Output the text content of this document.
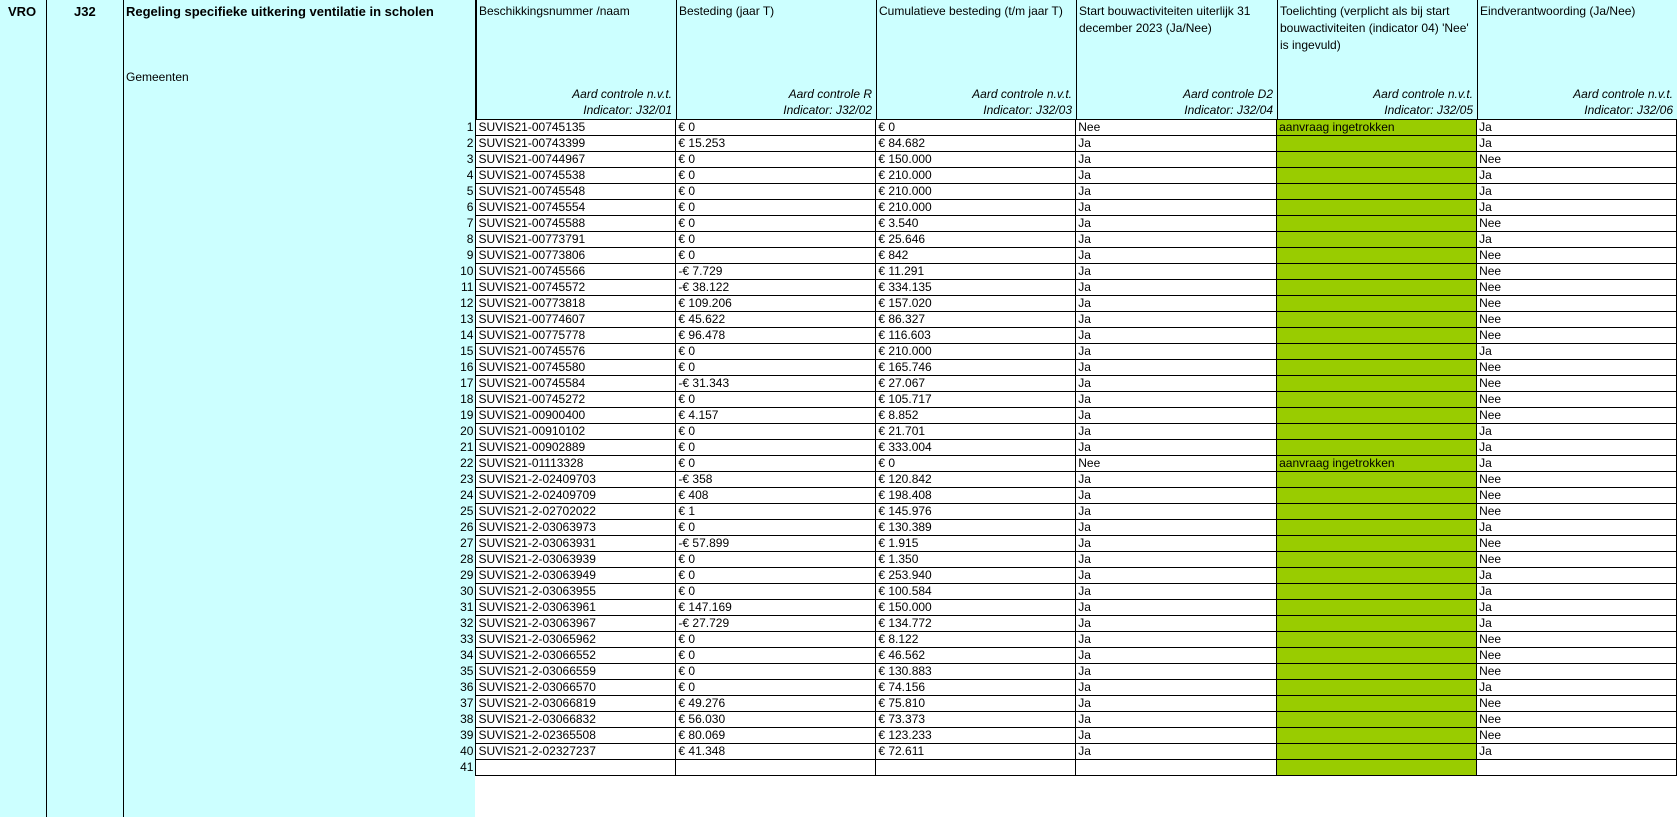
VRO	J32 Regeling specifieke uitkering ventilatie in scholen
Gemeenten
Beschikkingsnummer /naam
Aard controle n.v.t.
Indicator: J32/01
Besteding (jaar T)
Aard controle R
Indicator: J32/02
Cumulatieve besteding (t/m jaar T)
Aard controle n.v.t.
Indicator: J32/03
Start bouwactiviteiten uiterlijk 31 december 2023 (Ja/Nee)
Aard controle D2
Indicator: J32/04
Toelichting (verplicht als bij start bouwactiviteiten (indicator 04) 'Nee' is ingevuld)
Aard controle n.v.t.
Indicator: J32/05
Eindverantwoording (Ja/Nee)
Aard controle n.v.t.
Indicator: J32/06
1	SUVIS21-00745135	€ 0	€ 0	Nee	aanvraag ingetrokken	Ja
2	SUVIS21-00743399	€ 15.253	€ 84.682	Ja		Ja
3	SUVIS21-00744967	€ 0	€ 150.000	Ja		Nee
4	SUVIS21-00745538	€ 0	€ 210.000	Ja		Ja
5	SUVIS21-00745548	€ 0	€ 210.000	Ja		Ja
6	SUVIS21-00745554	€ 0	€ 210.000	Ja		Ja
7	SUVIS21-00745588	€ 0	€ 3.540	Ja		Nee
8	SUVIS21-00773791	€ 0	€ 25.646	Ja		Ja
9	SUVIS21-00773806	€ 0	€ 842	Ja		Nee
10	SUVIS21-00745566	-€ 7.729	€ 11.291	Ja		Nee
11	SUVIS21-00745572	-€ 38.122	€ 334.135	Ja		Nee
12	SUVIS21-00773818	€ 109.206	€ 157.020	Ja		Nee
13	SUVIS21-00774607	€ 45.622	€ 86.327	Ja		Nee
14	SUVIS21-00775778	€ 96.478	€ 116.603	Ja		Nee
15	SUVIS21-00745576	€ 0	€ 210.000	Ja		Ja
16	SUVIS21-00745580	€ 0	€ 165.746	Ja		Nee
17	SUVIS21-00745584	-€ 31.343	€ 27.067	Ja		Nee
18	SUVIS21-00745272	€ 0	€ 105.717	Ja		Nee
19	SUVIS21-00900400	€ 4.157	€ 8.852	Ja		Nee
20	SUVIS21-00910102	€ 0	€ 21.701	Ja		Ja
21	SUVIS21-00902889	€ 0	€ 333.004	Ja		Ja
22	SUVIS21-01113328	€ 0	€ 0	Nee	aanvraag ingetrokken	Ja
23	SUVIS21-2-02409703	-€ 358	€ 120.842	Ja		Nee
24	SUVIS21-2-02409709	€ 408	€ 198.408	Ja		Nee
25	SUVIS21-2-02702022	€ 1	€ 145.976	Ja		Nee
26	SUVIS21-2-03063973	€ 0	€ 130.389	Ja		Ja
27	SUVIS21-2-03063931	-€ 57.899	€ 1.915	Ja		Nee
28	SUVIS21-2-03063939	€ 0	€ 1.350	Ja		Nee
29	SUVIS21-2-03063949	€ 0	€ 253.940	Ja		Ja
30	SUVIS21-2-03063955	€ 0	€ 100.584	Ja		Ja
31	SUVIS21-2-03063961	€ 147.169	€ 150.000	Ja		Ja
32	SUVIS21-2-03063967	-€ 27.729	€ 134.772	Ja		Ja
33	SUVIS21-2-03065962	€ 0	€ 8.122	Ja		Nee
34	SUVIS21-2-03066552	€ 0	€ 46.562	Ja		Nee
35	SUVIS21-2-03066559	€ 0	€ 130.883	Ja		Nee
36	SUVIS21-2-03066570	€ 0	€ 74.156	Ja		Ja
37	SUVIS21-2-03066819	€ 49.276	€ 75.810	Ja		Nee
38	SUVIS21-2-03066832	€ 56.030	€ 73.373	Ja		Nee
39	SUVIS21-2-02365508	€ 80.069	€ 123.233	Ja		Nee
40	SUVIS21-2-02327237	€ 41.348	€ 72.611	Ja		Ja
41						
